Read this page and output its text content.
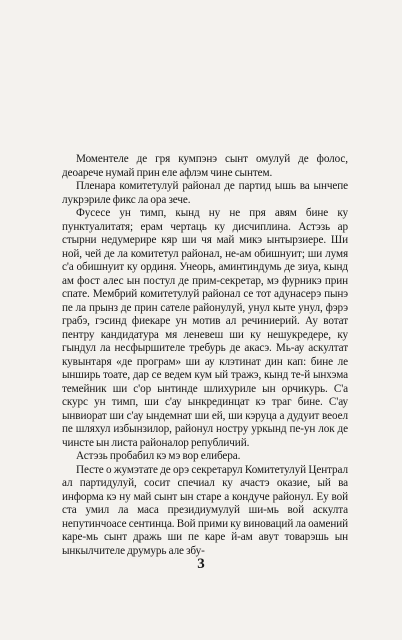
Моментеле де гря кумпэнэ сынт омулуй де фолос, деоарече нумай прин еле афлэм чине сынтем.

Пленара комитетулуй районал де партид ышь ва ынчепе лукрэриле фикс ла ора зече.

Фусесе ун тимп, кынд ну не пря авям бине ку пунктуалитатя; ерам чертаць ку дисчиплина. Астэзь ар стырни недумерире кяр ши чя май микэ ынтырзиере. Ши ной, чей де ла комитетул районал, не-ам обишнуит; ши лумя с'а обишнуит ку ординя. Унеорь, аминтиндумь де зиуа, кынд ам фост алес ын постул де прим-секретар, мэ фурникэ прин спате. Мембрий комитетулуй районал се тот адунасерэ пынэ пе ла прынз де прин сателе районулуй, унул кыте унул, фэрэ грабэ, гэсинд фиекаре ун мотив ал речиниерий. Ау вотат пентру кандидатура мя леневеш ши ку нешукредере, ку гындул ла несфыршителе требурь де акасэ. Мь-ау аскултат кувынтаря «де програм» ши ау клэтинат дин кап: бине ле ынширь тоате, дар се ведем кум ый тражэ, кынд те-й ынхэма темейник ши с'ор ынтинде шлихуриле ын орчикурь. С'а скурс ун тимп, ши с'ау ынкрединцат кэ траг бине. С'ау ынвиорат ши с'ау ындемнат ши ей, ши кэруца а дудуит веоел пе шляхул избынзилор, районул ностру уркынд пе-ун лок де чинсте ын листа районалор републичий.

Астэзь пробабил кэ мэ вор елибера.

Песте о жумэтате де орэ секретарул Комитетулуй Централ ал партидулуй, сосит спечиал ку ачастэ оказие, ый ва информа кэ ну май сынт ын старе а кондуче районул. Еу вой ста умил ла маса президиумулуй ши-мь вой аскулта непутинчоасе сентинца. Вой прими ку виноваций ла оамений каре-мь сынт дражь ши пе каре й-ам авут товарэшь ын ынкылчителе друмурь але збу-

3
